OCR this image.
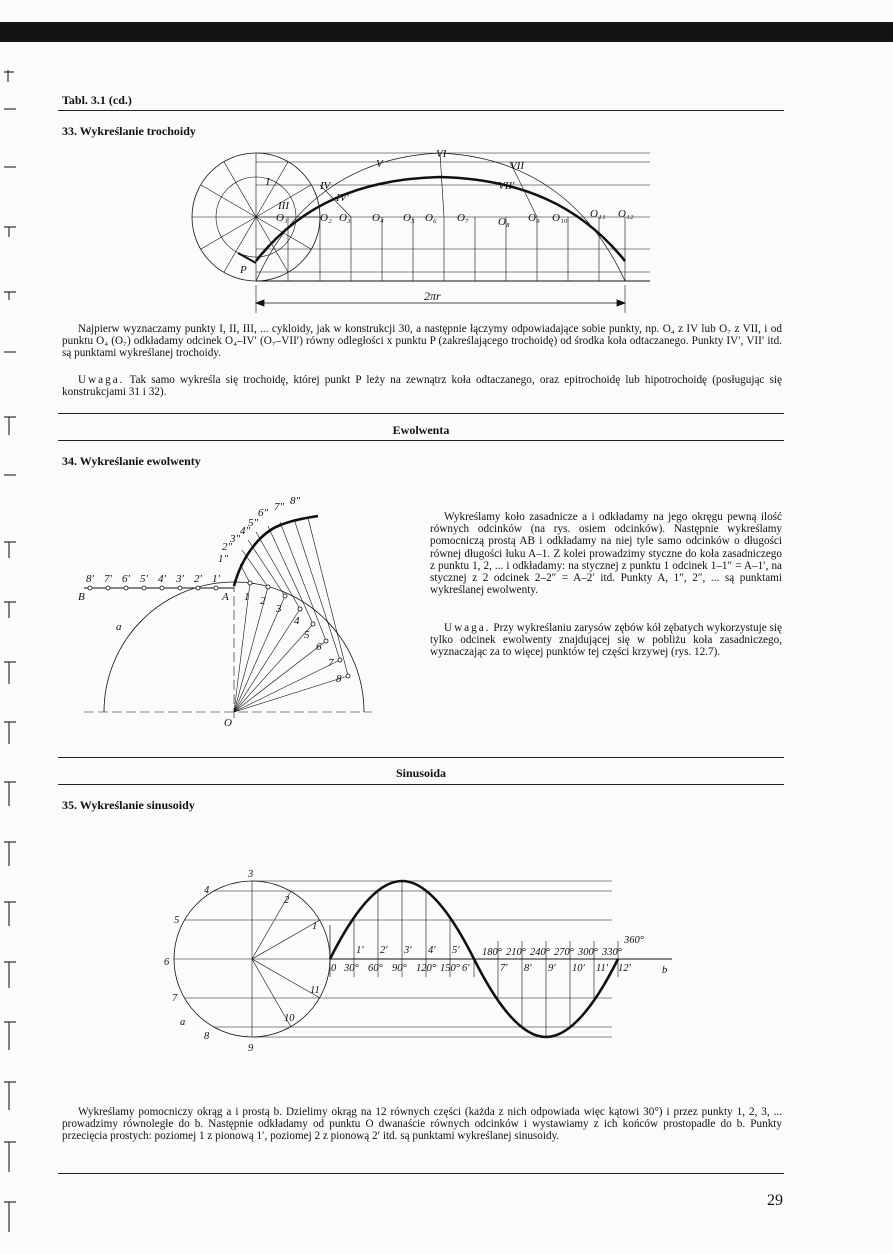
Tabl. 3.1 (cd.)

33. Wykreślanie trochoidy

V
VI
VII
VII'
IV
IV'
III
I
P
O₁	O₂ O₃ O₄ O₅ O₆ O₇	O₈ O₉ O₁₀ O₁₁ O₁₂
2πr

Najpierw wyznaczamy punkty I, II, III, ... cykloidy, jak w konstrukcji 30, a następnie łączymy odpowiadające sobie punkty, np. O₄ z IV lub O₇ z VII, i od punktu O₄ (O₇) odkładamy odcinek O₄–IV′ (O₇–VII′) równy odległości x punktu P (zakreślającego trochoidę) od środka koła odtaczanego. Punkty IV′, VII′ itd. są punktami wykreślanej trochoidy.

Uwaga. Tak samo wykreśla się trochoidę, której punkt P leży na zewnątrz koła odtaczanego, oraz epitrochoidę lub hipotrochoidę (posługując się konstrukcjami 31 i 32).

Ewolwenta

34. Wykreślanie ewolwenty

8' 7' 6' 5' 4' 3' 2' 1'
B	A
a
O
1 2
3
4
5
6
7
8
1"
2"
3"
4"
5"
6" 7" 8"

Wykreślamy koło zasadnicze a i odkładamy na jego okręgu pewną ilość równych odcinków (na rys. osiem odcinków). Następnie wykreślamy pomocniczą prostą AB i odkładamy na niej tyle samo odcinków o długości równej długości łuku A–1. Z kolei prowadzimy styczne do koła zasadniczego z punktu 1, 2, ... i odkładamy: na stycznej z punktu 1 odcinek 1–1″ = A–1′, na stycznej z 2 odcinek 2–2″ = A–2′ itd. Punkty A, 1″, 2″, ... są punktami wykreślanej ewolwenty.

Uwaga. Przy wykreślaniu zarysów zębów kół zębatych wykorzystuje się tylko odcinek ewolwenty znajdującej się w pobliżu koła zasadniczego, wyznaczając za to więcej punktów tej części krzywej (rys. 12.7).

Sinusoida

35. Wykreślanie sinusoidy

1
2
3
4
5
6
7
8
9
10
11
a
0 30° 60° 90° 120° 150°
180° 210° 240° 270° 300° 330°
360°
1' 2' 3' 4' 5'
6'	7' 8' 9' 10' 11' 12'	b

Wykreślamy pomocniczy okrąg a i prostą b. Dzielimy okrąg na 12 równych części (każda z nich odpowiada więc kątowi 30°) i przez punkty 1, 2, 3, ... prowadzimy równoległe do b. Następnie odkładamy od punktu O dwanaście równych odcinków i wystawiamy z ich końców prostopadłe do b. Punkty przecięcia prostych: poziomej 1 z pionową 1′, poziomej 2 z pionową 2′ itd. są punktami wykreślanej sinusoidy.

29
